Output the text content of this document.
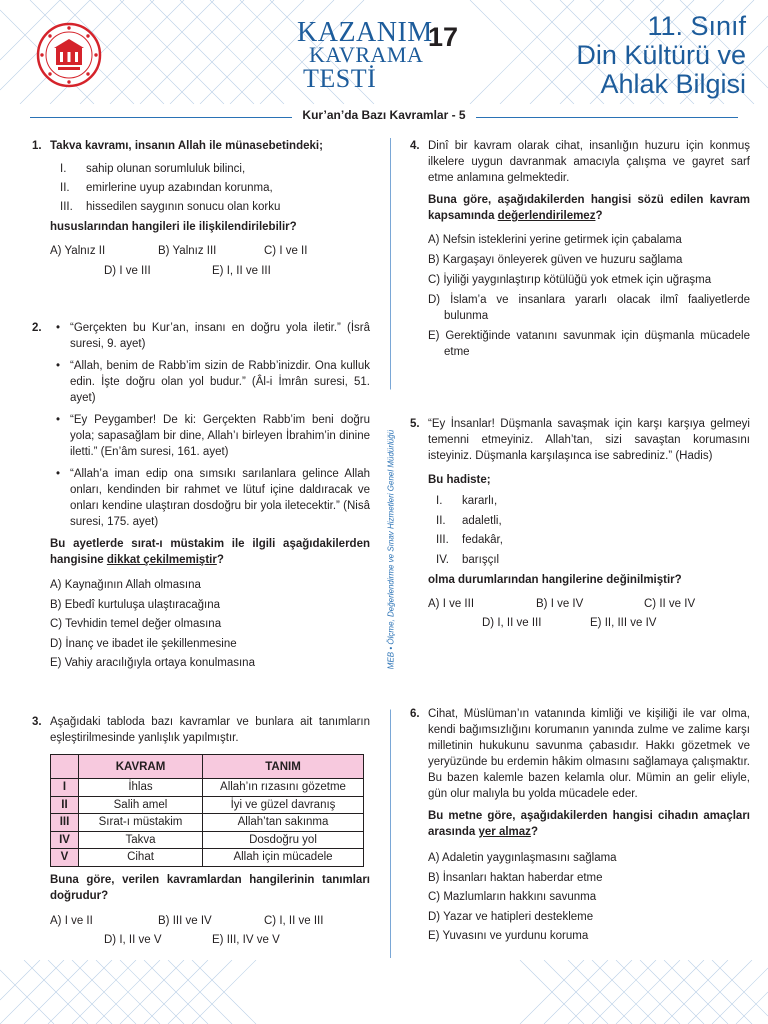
KAZANIM
KAVRAMA
TESTİ
17	11. Sınıf
Din Kültürü ve
Ahlak Bilgisi
Kur’an’da Bazı Kavramlar - 5
MEB • Ölçme, Değerlendirme ve Sınav Hizmetleri Genel Müdürlüğü
1. Takva kavramı, insanın Allah ile münasebetindeki;
I. sahip olunan sorumluluk bilinci,
II. emirlerine uyup azabından korunma,
III. hissedilen saygının sonucu olan korku
hususlarından hangileri ile ilişkilendirilebilir?
A) Yalnız II	B) Yalnız III	C) I ve II
D) I ve III	E) I, II ve III
2. • “Gerçekten bu Kur’an, insanı en doğru yola iletir.” (İsrâ suresi, 9. ayet)
• “Allah, benim de Rabb’im sizin de Rabb’inizdir. Ona kulluk edin. İşte doğru olan yol budur.” (Âl-i İmrân suresi, 51. ayet)
• “Ey Peygamber! De ki: Gerçekten Rabb’im beni doğru yola; sapasağlam bir dine, Allah’ı birleyen İbrahim’in dinine iletti.” (En’âm suresi, 161. ayet)
• “Allah’a iman edip ona sımsıkı sarılanlara gelince Allah onları, kendinden bir rahmet ve lütuf içine daldıracak ve onları kendine ulaştıran dosdoğru bir yola iletecektir.” (Nisâ suresi, 175. ayet)
Bu ayetlerde sırat-ı müstakim ile ilgili aşağıdakilerden hangisine dikkat çekilmemiştir?
A) Kaynağının Allah olmasına
B) Ebedî kurtuluşa ulaştıracağına
C) Tevhidin temel değer olmasına
D) İnanç ve ibadet ile şekillenmesine
E) Vahiy aracılığıyla ortaya konulmasına
3. Aşağıdaki tabloda bazı kavramlar ve bunlara ait tanımların eşleştirilmesinde yanlışlık yapılmıştır.
	KAVRAM	TANIM
I	İhlas	Allah’ın rızasını gözetme
II	Salih amel	İyi ve güzel davranış
III	Sırat-ı müstakim	Allah’tan sakınma
IV	Takva	Dosdoğru yol
V	Cihat	Allah için mücadele
Buna göre, verilen kavramlardan hangilerinin tanımları doğrudur?
A) I ve II	B) III ve IV	C) I, II ve III
D) I, II ve V	E) III, IV ve V
4. Dinî bir kavram olarak cihat, insanlığın huzuru için konmuş ilkelere uygun davranmak amacıyla çalışma ve gayret sarf etme anlamına gelmektedir.
Buna göre, aşağıdakilerden hangisi sözü edilen kavram kapsamında değerlendirilemez?
A) Nefsin isteklerini yerine getirmek için çabalama
B) Kargaşayı önleyerek güven ve huzuru sağlama
C) İyiliği yaygınlaştırıp kötülüğü yok etmek için uğraşma
D) İslam’a ve insanlara yararlı olacak ilmî faaliyetlerde bulunma
E) Gerektiğinde vatanını savunmak için düşmanla mücadele etme
5. “Ey İnsanlar! Düşmanla savaşmak için karşı karşıya gelmeyi temenni etmeyiniz. Allah’tan, sizi savaştan korumasını isteyiniz. Düşmanla karşılaşınca ise sabrediniz.” (Hadis)
Bu hadiste;
I. kararlı,
II. adaletli,
III. fedakâr,
IV. barışçıl
olma durumlarından hangilerine değinilmiştir?
A) I ve III	B) I ve IV	C) II ve IV
D) I, II ve III	E) II, III ve IV
6. Cihat, Müslüman’ın vatanında kimliği ve kişiliği ile var olma, kendi bağımsızlığını korumanın yanında zulme ve zalime karşı milletinin hukukunu savunma çabasıdır. Hakkı gözetmek ve yeryüzünde bu erdemin hâkim olmasını sağlamaya çalışmaktır. Bu bazen kalemle bazen kelamla olur. Mümin an gelir eliyle, gün olur malıyla bu yolda mücadele eder.
Bu metne göre, aşağıdakilerden hangisi cihadın amaçları arasında yer almaz?
A) Adaletin yaygınlaşmasını sağlama
B) İnsanları haktan haberdar etme
C) Mazlumların hakkını savunma
D) Yazar ve hatipleri destekleme
E) Yuvasını ve yurdunu koruma
